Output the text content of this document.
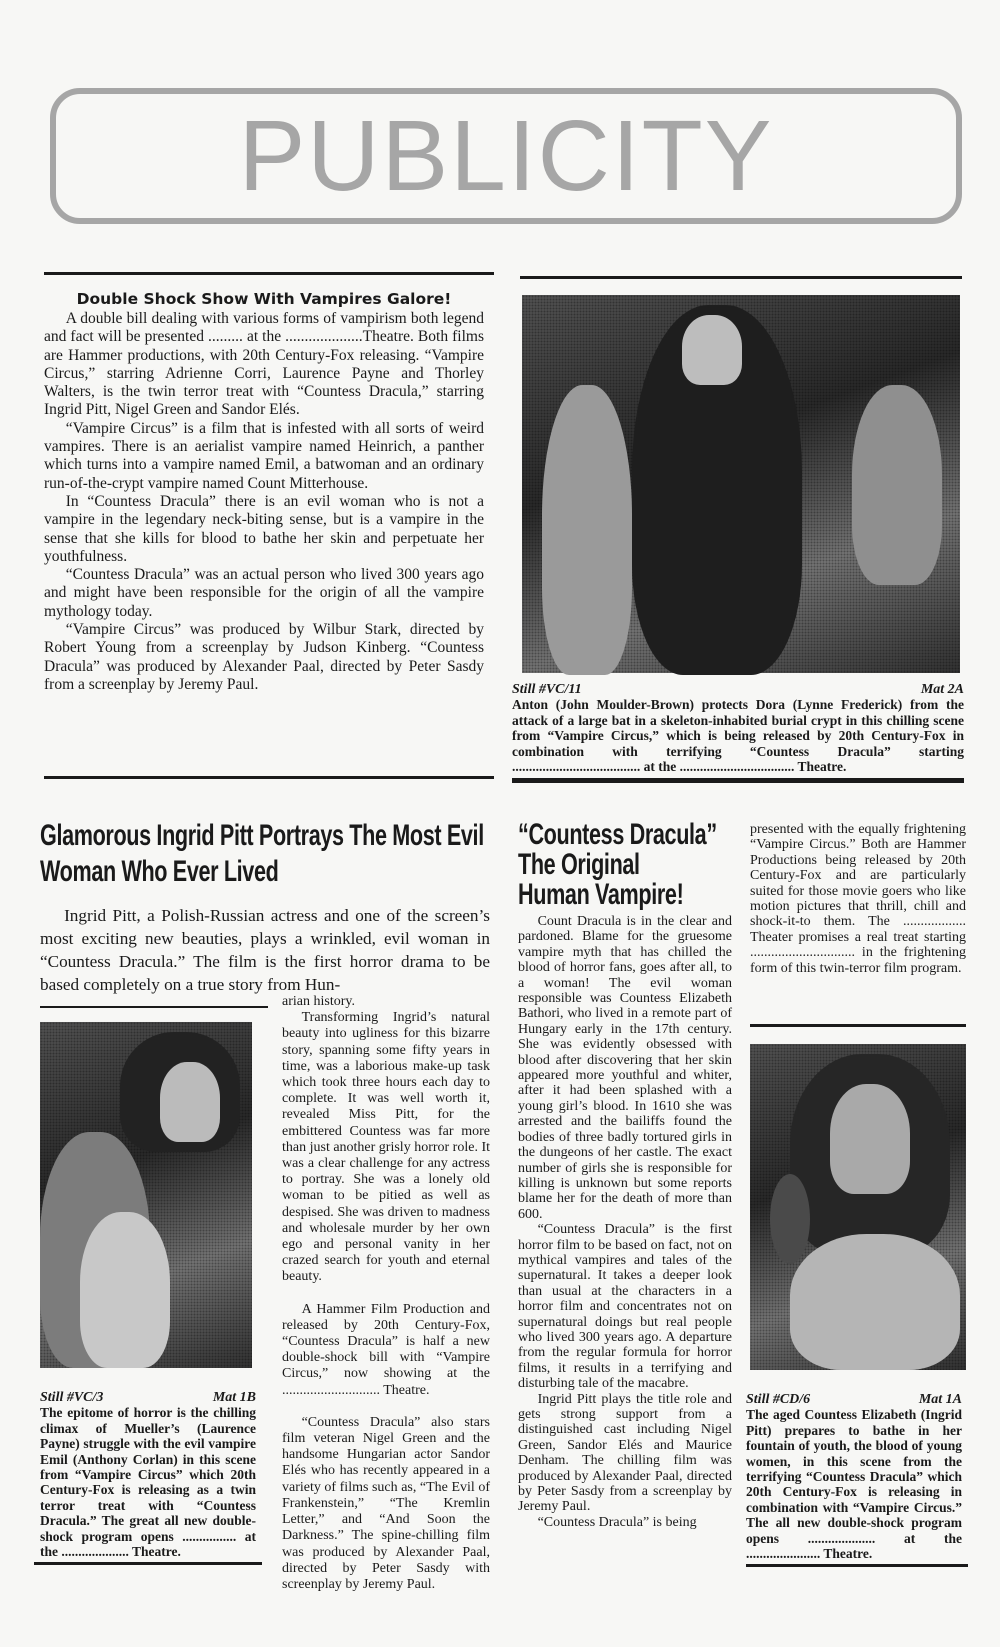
PUBLICITY
Double Shock Show With Vampires Galore!

A double bill dealing with various forms of vampirism both legend and fact will be presented ......... at the ....................Theatre. Both films are Hammer productions, with 20th Century-Fox releasing. “Vampire Circus,” starring Adrienne Corri, Laurence Payne and Thorley Walters, is the twin terror treat with “Countess Dracula,” starring Ingrid Pitt, Nigel Green and Sandor Elés.

“Vampire Circus” is a film that is infested with all sorts of weird vampires. There is an aerialist vampire named Heinrich, a panther which turns into a vampire named Emil, a batwoman and an ordinary run-of-the-crypt vampire named Count Mitterhouse.

In “Countess Dracula” there is an evil woman who is not a vampire in the legendary neck-biting sense, but is a vampire in the sense that she kills for blood to bathe her skin and perpetuate her youthfulness.

“Countess Dracula” was an actual person who lived 300 years ago and might have been responsible for the origin of all the vampire mythology today.

“Vampire Circus” was produced by Wilbur Stark, directed by Robert Young from a screenplay by Judson Kinberg. “Countess Dracula” was produced by Alexander Paal, directed by Peter Sasdy from a screenplay by Jeremy Paul.	Still #VC/11	Mat 2A
Anton (John Moulder-Brown) protects Dora (Lynne Frederick) from the attack of a large bat in a skeleton-inhabited burial crypt in this chilling scene from “Vampire Circus,” which is being released by 20th Century-Fox in combination with terrifying “Countess Dracula” starting ...................................... at the .................................. Theatre.
Glamorous Ingrid Pitt Portrays The Most Evil
Woman Who Ever Lived

Ingrid Pitt, a Polish-Russian actress and one of the screen’s most exciting new beauties, plays a wrinkled, evil woman in “Countess Dracula.” The film is the first horror drama to be based completely on a true story from Hun-

arian history.

Transforming Ingrid’s natural beauty into ugliness for this bizarre story, spanning some fifty years in time, was a laborious make-up task which took three hours each day to complete. It was well worth it, revealed Miss Pitt, for the embittered Countess was far more than just another grisly horror role. It was a clear challenge for any actress to portray. She was a lonely old woman to be pitied as well as despised. She was driven to madness and wholesale murder by her own ego and personal vanity in her crazed search for youth and eternal beauty.

A Hammer Film Production and released by 20th Century-Fox, “Countess Dracula” is half a new double-shock bill with “Vampire Circus,” now showing at the ............................ Theatre.

“Countess Dracula” also stars film veteran Nigel Green and the handsome Hungarian actor Sandor Elés who has recently appeared in a variety of films such as, “The Evil of Frankenstein,” “The Kremlin Letter,” and “And Soon the Darkness.” The spine-chilling film was produced by Alexander Paal, directed by Peter Sasdy with screenplay by Jeremy Paul.

Still #VC/3	Mat 1B
The epitome of horror is the chilling climax of Mueller’s (Laurence Payne) struggle with the evil vampire Emil (Anthony Corlan) in this scene from “Vampire Circus” which 20th Century-Fox is releasing as a twin terror treat with “Countess Dracula.” The great all new double-shock program opens ................ at the .................... Theatre.
“Countess Dracula”
The Original
Human Vampire!

Count Dracula is in the clear and pardoned. Blame for the gruesome vampire myth that has chilled the blood of horror fans, goes after all, to a woman! The evil woman responsible was Countess Elizabeth Bathori, who lived in a remote part of Hungary early in the 17th century. She was evidently obsessed with blood after discovering that her skin appeared more youthful and whiter, after it had been splashed with a young girl’s blood. In 1610 she was arrested and the bailiffs found the bodies of three badly tortured girls in the dungeons of her castle. The exact number of girls she is responsible for killing is unknown but some reports blame her for the death of more than 600.

“Countess Dracula” is the first horror film to be based on fact, not on mythical vampires and tales of the supernatural. It takes a deeper look than usual at the characters in a horror film and concentrates not on supernatural doings but real people who lived 300 years ago. A departure from the regular formula for horror films, it results in a terrifying and disturbing tale of the macabre.

Ingrid Pitt plays the title role and gets strong support from a distinguished cast including Nigel Green, Sandor Elés and Maurice Denham. The chilling film was produced by Alexander Paal, directed by Peter Sasdy from a screenplay by Jeremy Paul.

“Countess Dracula” is being

presented with the equally frightening “Vampire Circus.” Both are Hammer Productions being released by 20th Century-Fox and are particularly suited for those movie goers who like motion pictures that thrill, chill and shock-it-to them. The .................. Theater promises a real treat starting .............................. in the frightening form of this twin-terror film program.

Still #CD/6	Mat 1A
The aged Countess Elizabeth (Ingrid Pitt) prepares to bathe in her fountain of youth, the blood of young women, in this scene from the terrifying “Countess Dracula” which 20th Century-Fox is releasing in combination with “Vampire Circus.” The all new double-shock program opens .................... at the ...................... Theatre.
